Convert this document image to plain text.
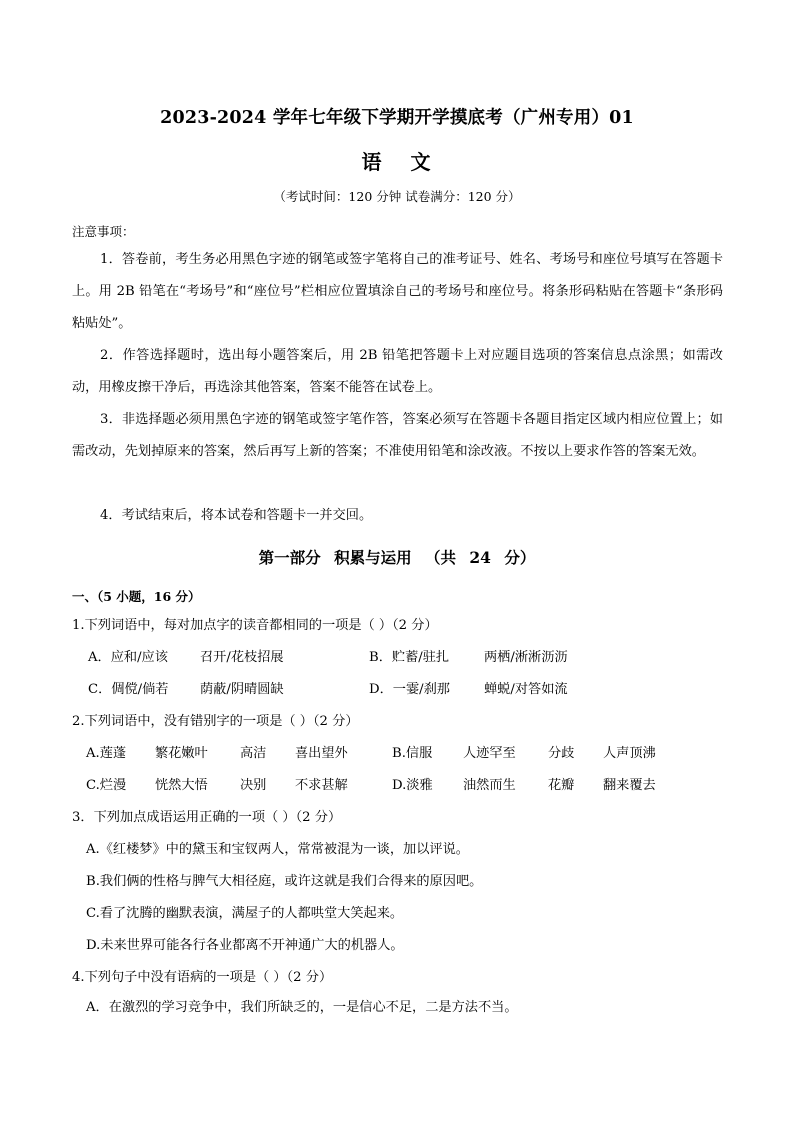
2023-2024 学年七年级下学期开学摸底考（广州专用）01
语 文
（考试时间：120 分钟 试卷满分：120 分）
注意事项：
1．答卷前，考生务必用黑色字迹的钢笔或签字笔将自己的准考证号、姓名、考场号和座位号填写在答题卡上。用 2B 铅笔在“考场号”和“座位号”栏相应位置填涂自己的考场号和座位号。将条形码粘贴在答题卡“条形码粘贴处”。
2．作答选择题时，选出每小题答案后，用 2B 铅笔把答题卡上对应题目选项的答案信息点涂黑；如需改动，用橡皮擦干净后，再选涂其他答案，答案不能答在试卷上。
3．非选择题必须用黑色字迹的钢笔或签字笔作答，答案必须写在答题卡各题目指定区域内相应位置上；如需改动，先划掉原来的答案，然后再写上新的答案；不准使用铅笔和涂改液。不按以上要求作答的答案无效。
4．考试结束后，将本试卷和答题卡一并交回。
第一部分 积累与运用 （共 24 分）
一、（5 小题，16 分）
1.下列词语中，每对加点字的读音都相同的一项是（ ）（2 分）
A．应和/应该 召开/花枝招展	B．贮蓄/驻扎	两栖/淅淅沥沥
C．倜傥/倘若 荫蔽/阴晴圆缺	D．一霎/刹那	蝉蜕/对答如流
2.下列词语中，没有错别字的一项是（ ）（2 分）
A.莲蓬 繁花嫩叶 高洁 喜出望外	B.信服 人迹罕至 分歧 人声顶沸
C.烂漫 恍然大悟 决别 不求甚解	D.淡雅 油然而生 花瓣 翻来覆去
3．下列加点成语运用正确的一项（ ）（2 分）
A.《红楼梦》中的黛玉和宝钗两人，常常被混为一谈，加以评说。
B.我们俩的性格与脾气大相径庭，或许这就是我们合得来的原因吧。
C.看了沈腾的幽默表演，满屋子的人都哄堂大笑起来。
D.未来世界可能各行各业都离不开神通广大的机器人。
4.下列句子中没有语病的一项是（ ）（2 分）
A．在激烈的学习竞争中，我们所缺乏的，一是信心不足，二是方法不当。
